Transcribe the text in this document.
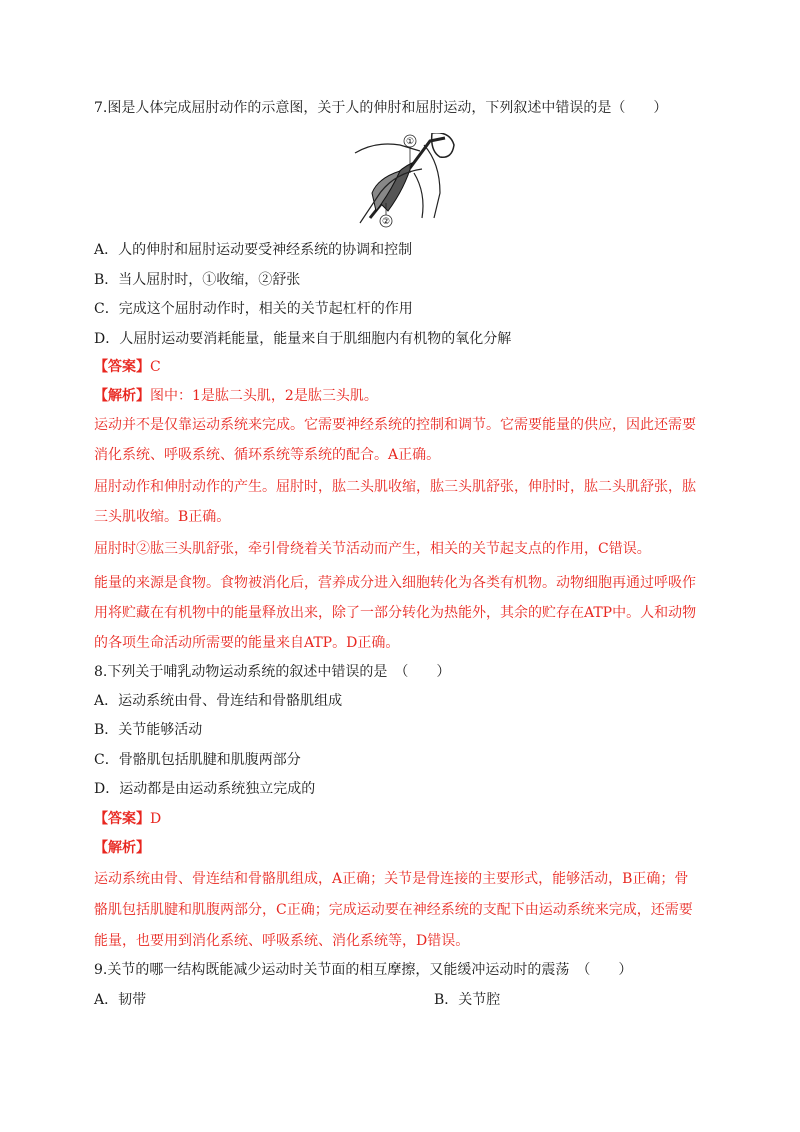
7.图是人体完成屈肘动作的示意图，关于人的伸肘和屈肘运动，下列叙述中错误的是（　　）
①
②
A．人的伸肘和屈肘运动要受神经系统的协调和控制
B．当人屈肘时，①收缩，②舒张
C．完成这个屈肘动作时，相关的关节起杠杆的作用
D．人屈肘运动要消耗能量，能量来自于肌细胞内有机物的氧化分解
【答案】C
【解析】图中：1是肱二头肌，2是肱三头肌。
运动并不是仅靠运动系统来完成。它需要神经系统的控制和调节。它需要能量的供应，因此还需要
消化系统、呼吸系统、循环系统等系统的配合。A正确。
屈肘动作和伸肘动作的产生。屈肘时，肱二头肌收缩，肱三头肌舒张，伸肘时，肱二头肌舒张，肱
三头肌收缩。B正确。
屈肘时②肱三头肌舒张，牵引骨绕着关节活动而产生，相关的关节起支点的作用，C错误。
能量的来源是食物。食物被消化后，营养成分进入细胞转化为各类有机物。动物细胞再通过呼吸作
用将贮藏在有机物中的能量释放出来，除了一部分转化为热能外，其余的贮存在ATP中。人和动物
的各项生命活动所需要的能量来自ATP。D正确。
8.下列关于哺乳动物运动系统的叙述中错误的是　（　　）
A．运动系统由骨、骨连结和骨骼肌组成
B．关节能够活动
C．骨骼肌包括肌腱和肌腹两部分
D．运动都是由运动系统独立完成的
【答案】D
【解析】
运动系统由骨、骨连结和骨骼肌组成，A正确；关节是骨连接的主要形式，能够活动，B正确；骨
骼肌包括肌腱和肌腹两部分，C正确；完成运动要在神经系统的支配下由运动系统来完成，还需要
能量，也要用到消化系统、呼吸系统、消化系统等，D错误。
9.关节的哪一结构既能减少运动时关节面的相互摩擦，又能缓冲运动时的震荡　（　　）
A．韧带	B．关节腔
